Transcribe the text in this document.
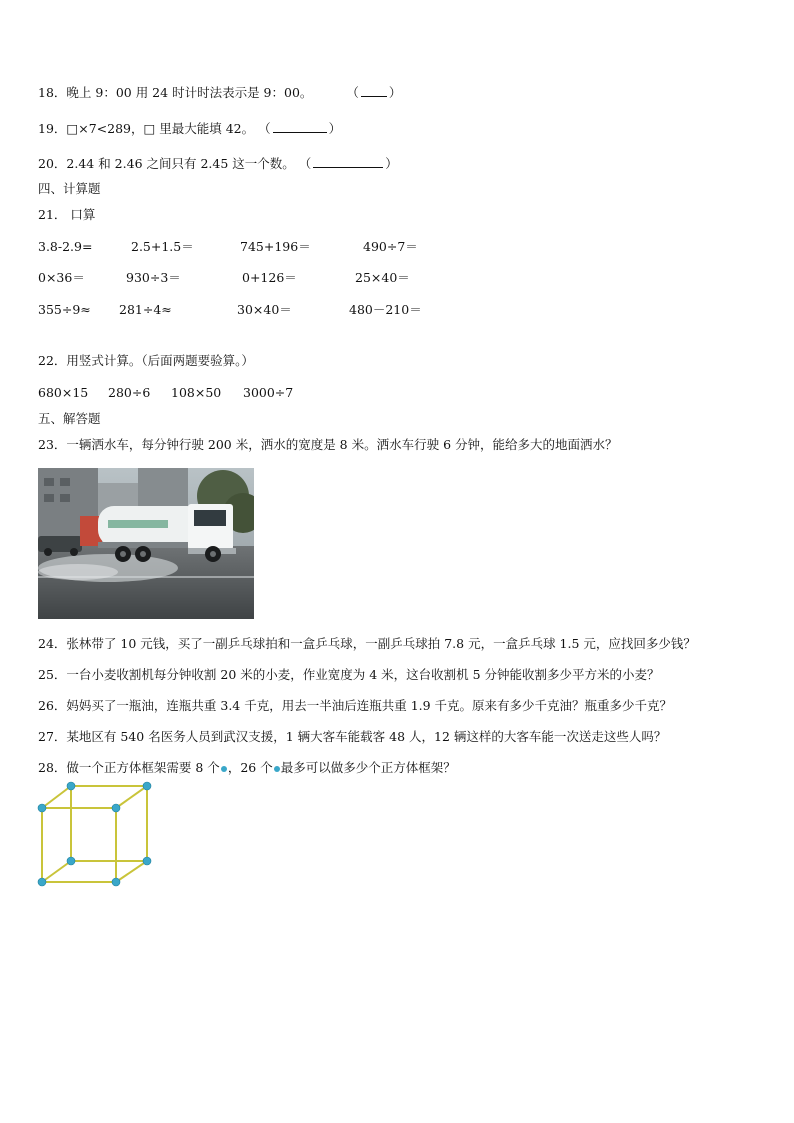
18．晚上 9：00 用 24 时计时法表示是 9：00。	（ ）
19．□×7<289，□ 里最大能填 42。 （	）
20．2.44 和 2.46 之间只有 2.45 这一个数。 （	）
四、计算题
21． 口算
3.8-2.9=	2.5+1.5＝	745+196＝	490÷7＝
0×36＝	930÷3＝	0+126＝	25×40＝
355÷9≈ 281÷4≈	30×40＝	480－210＝
22．用竖式计算。（后面两题要验算。）
680×15 280÷6 108×50 3000÷7
五、解答题
23．一辆洒水车，每分钟行驶 200 米，洒水的宽度是 8 米。洒水车行驶 6 分钟，能给多大的地面洒水？
24．张林带了 10 元钱，买了一副乒乓球拍和一盒乒乓球，一副乒乓球拍 7.8 元，一盒乒乓球 1.5 元，应找回多少钱？
25．一台小麦收割机每分钟收割 20 米的小麦，作业宽度为 4 米，这台收割机 5 分钟能收割多少平方米的小麦？
26．妈妈买了一瓶油，连瓶共重 3.4 千克，用去一半油后连瓶共重 1.9 千克。原来有多少千克油？瓶重多少千克？
27．某地区有 540 名医务人员到武汉支援，1 辆大客车能载客 48 人，12 辆这样的大客车能一次送走这些人吗？
28．做一个正方体框架需要 8 个 ，26 个 最多可以做多少个正方体框架？
